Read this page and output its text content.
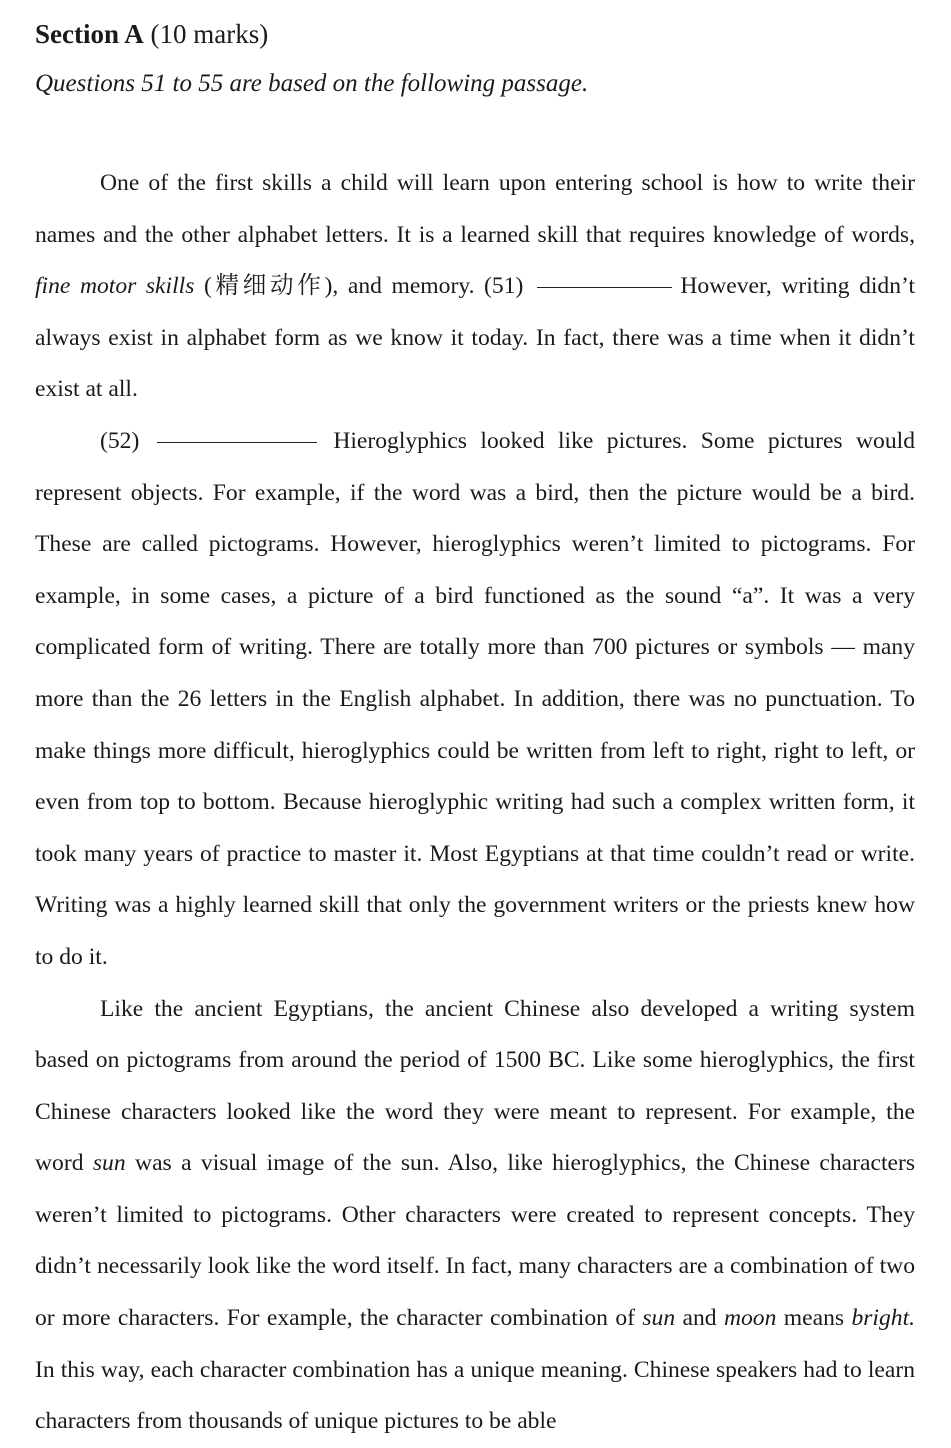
Section A (10 marks)

Questions 51 to 55 are based on the following passage.

One of the first skills a child will learn upon entering school is how to write their names and the other alphabet letters. It is a learned skill that requires knowledge of words, fine motor skills (精细动作), and memory. (51)	However, writing didn’t always exist in alphabet form as we know it today. In fact, there was a time when it didn’t exist at all.

(52)	Hieroglyphics looked like pictures. Some pictures would represent objects. For example, if the word was a bird, then the picture would be a bird. These are called pictograms. However, hieroglyphics weren’t limited to pictograms. For example, in some cases, a picture of a bird functioned as the sound “a”. It was a very complicated form of writing. There are totally more than 700 pictures or symbols — many more than the 26 letters in the English alphabet. In addition, there was no punctuation. To make things more difficult, hieroglyphics could be written from left to right, right to left, or even from top to bottom. Because hieroglyphic writing had such a complex written form, it took many years of practice to master it. Most Egyptians at that time couldn’t read or write. Writing was a highly learned skill that only the government writers or the priests knew how to do it.

Like the ancient Egyptians, the ancient Chinese also developed a writing system based on pictograms from around the period of 1500 BC. Like some hieroglyphics, the first Chinese characters looked like the word they were meant to represent. For example, the word sun was a visual image of the sun. Also, like hieroglyphics, the Chinese characters weren’t limited to pictograms. Other characters were created to represent concepts. They didn’t necessarily look like the word itself. In fact, many characters are a combination of two or more characters. For example, the character combination of sun and moon means bright. In this way, each character combination has a unique meaning. Chinese speakers had to learn characters from thousands of unique pictures to be able
